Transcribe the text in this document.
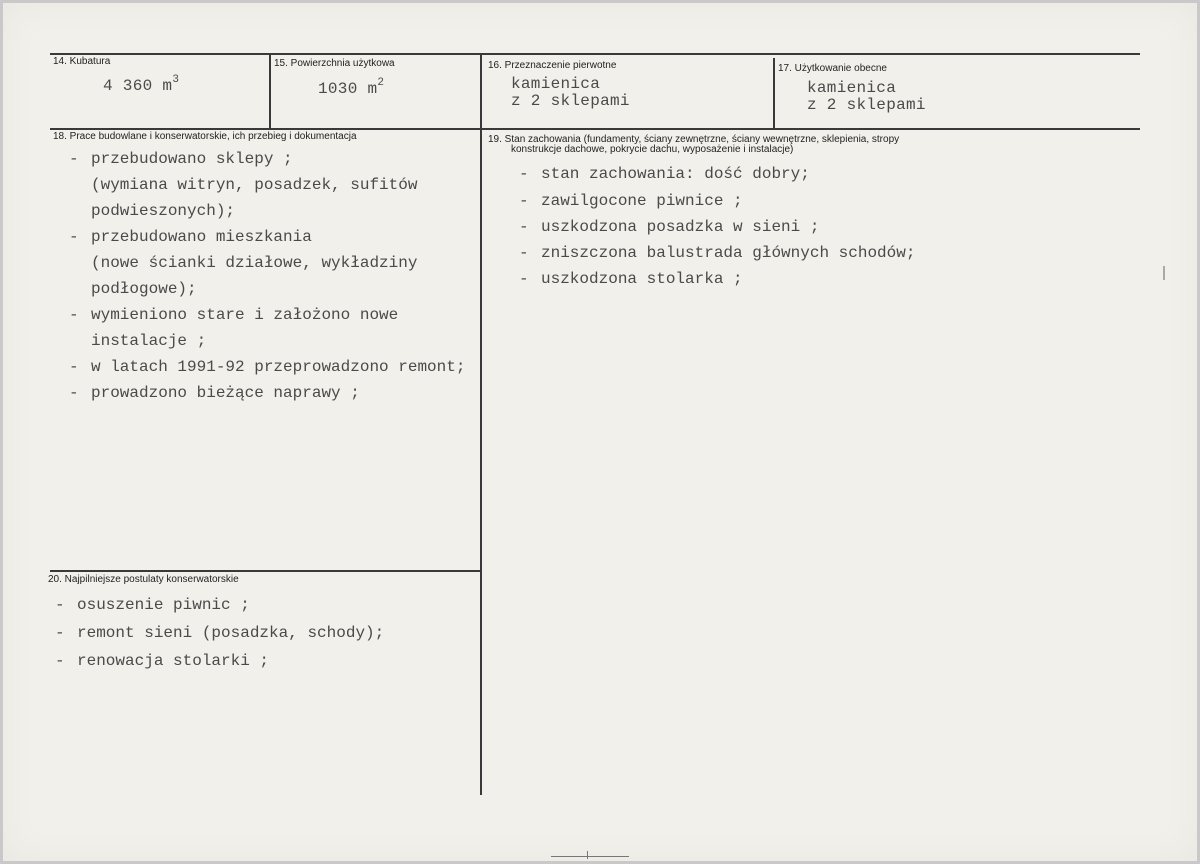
14. Kubatura
4 360 $m^3$
15. Powierzchnia użytkowa
1030 $m^2$
16. Przeznaczenie pierwotne
kamienica
z 2 sklepami
17. Użytkowanie obecne
kamienica
z 2 sklepami
18. Prace budowlane i konserwatorskie, ich przebieg i dokumentacja
- przebudowano sklepy ;
(wymiana witryn, posadzek, sufitów
podwieszonych);
- przebudowano mieszkania
(nowe ścianki działowe, wykładziny
podłogowe);
- wymieniono stare i założono nowe
instalacje ;
- w latach 1991-92 przeprowadzono remont;
- prowadzono bieżące naprawy ;
19. Stan zachowania (fundamenty, ściany zewnętrzne, ściany wewnętrzne, sklepienia, stropy
konstrukcje dachowe, pokrycie dachu, wyposażenie i instalacje)
- stan zachowania: dość dobry;
- zawilgocone piwnice ;
- uszkodzona posadzka w sieni ;
- zniszczona balustrada głównych schodów;
- uszkodzona stolarka ;
20. Najpilniejsze postulaty konserwatorskie
- osuszenie piwnic ;
- remont sieni (posadzka, schody);
- renowacja stolarki ;
